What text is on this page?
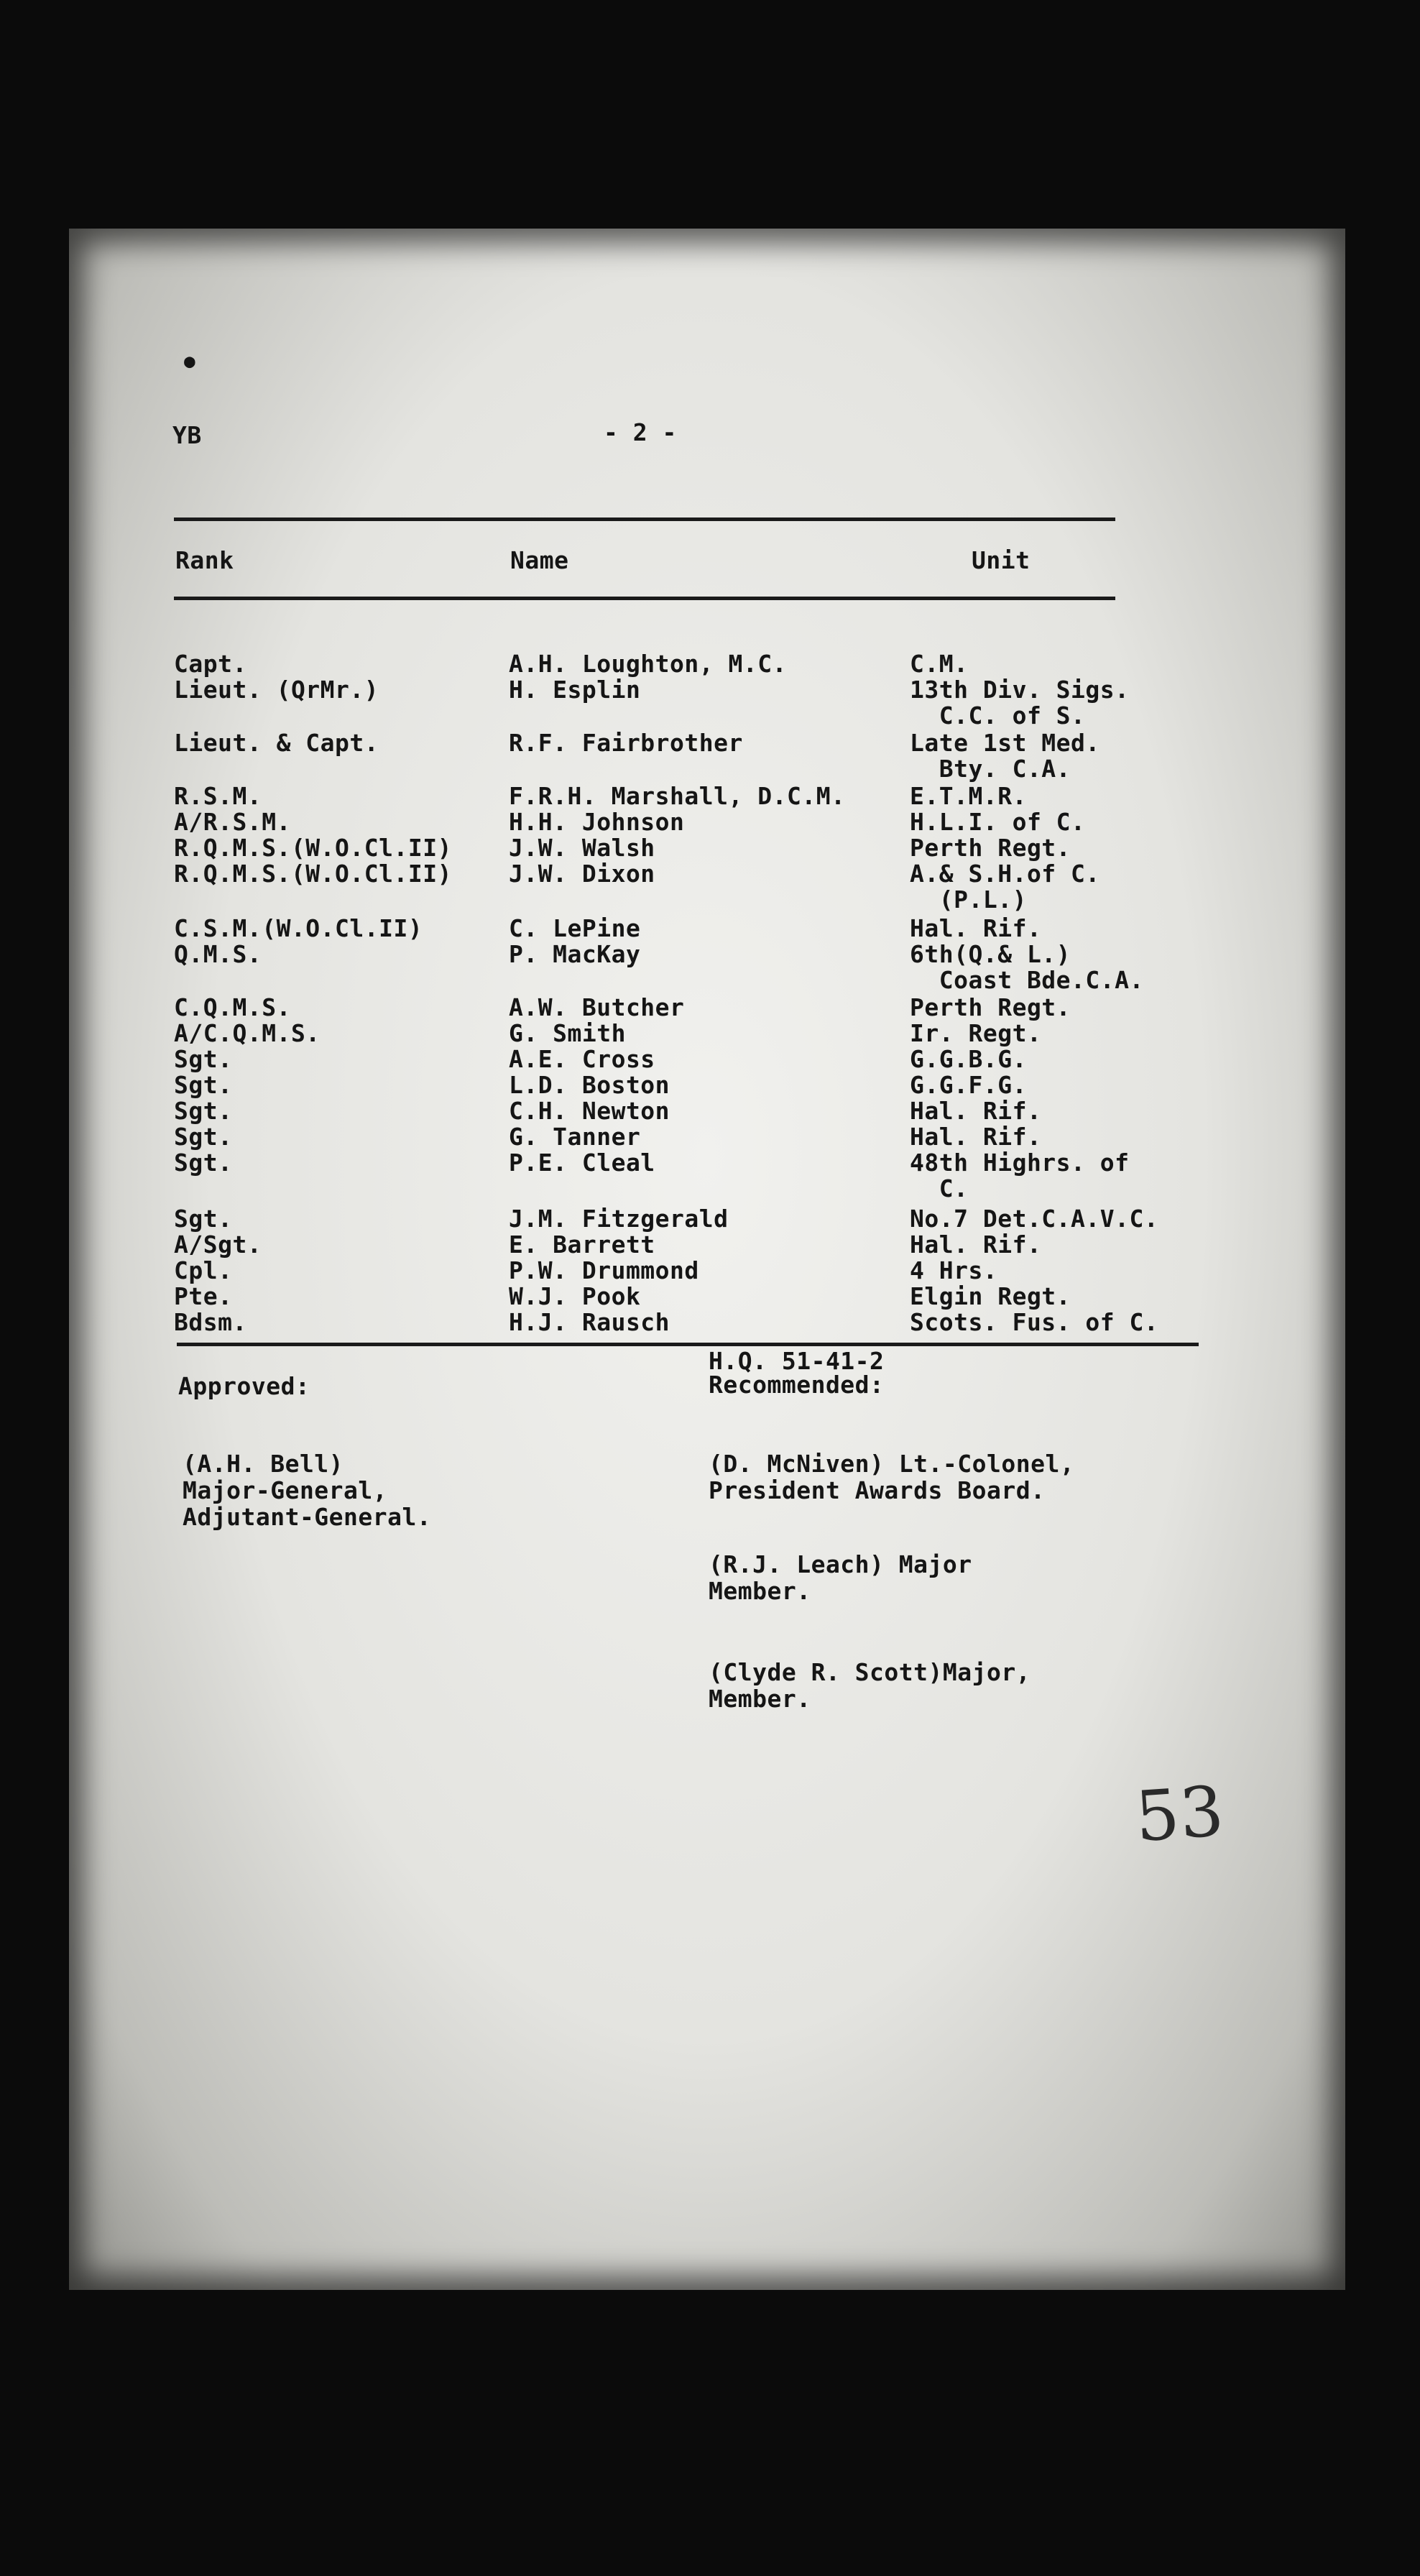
●
YB	- 2 -
Rank	Name	Unit
Capt.	A.H. Loughton, M.C.	C.M.
Lieut. (QrMr.)	H. Esplin	13th Div. Sigs.
C.C. of S.
Lieut. & Capt.	R.F. Fairbrother	Late 1st Med.
Bty. C.A.
R.S.M.	F.R.H. Marshall, D.C.M.	E.T.M.R.
A/R.S.M.	H.H. Johnson	H.L.I. of C.
R.Q.M.S.(W.O.Cl.II) J.W. Walsh	Perth Regt.
R.Q.M.S.(W.O.Cl.II) J.W. Dixon	A.& S.H.of C.
(P.L.)
C.S.M.(W.O.Cl.II)	C. LePine	Hal. Rif.
Q.M.S.	P. MacKay	6th(Q.& L.)
Coast Bde.C.A.
C.Q.M.S.	A.W. Butcher	Perth Regt.
A/C.Q.M.S.	G. Smith	Ir. Regt.
Sgt.	A.E. Cross	G.G.B.G.
Sgt.	L.D. Boston	G.G.F.G.
Sgt.	C.H. Newton	Hal. Rif.
Sgt.	G. Tanner	Hal. Rif.
Sgt.	P.E. Cleal	48th Highrs. of
C.
Sgt.	J.M. Fitzgerald	No.7 Det.C.A.V.C.
A/Sgt.	E. Barrett	Hal. Rif.
Cpl.	P.W. Drummond	4 Hrs.
Pte.	W.J. Pook	Elgin Regt.
Bdsm.	H.J. Rausch	Scots. Fus. of C.
H.Q. 51-41-2
Approved:	Recommended:
(A.H. Bell)
Major-General,
Adjutant-General.
(D. McNiven) Lt.-Colonel,
President Awards Board.
(R.J. Leach) Major
Member.
(Clyde R. Scott)Major,
Member.
53
